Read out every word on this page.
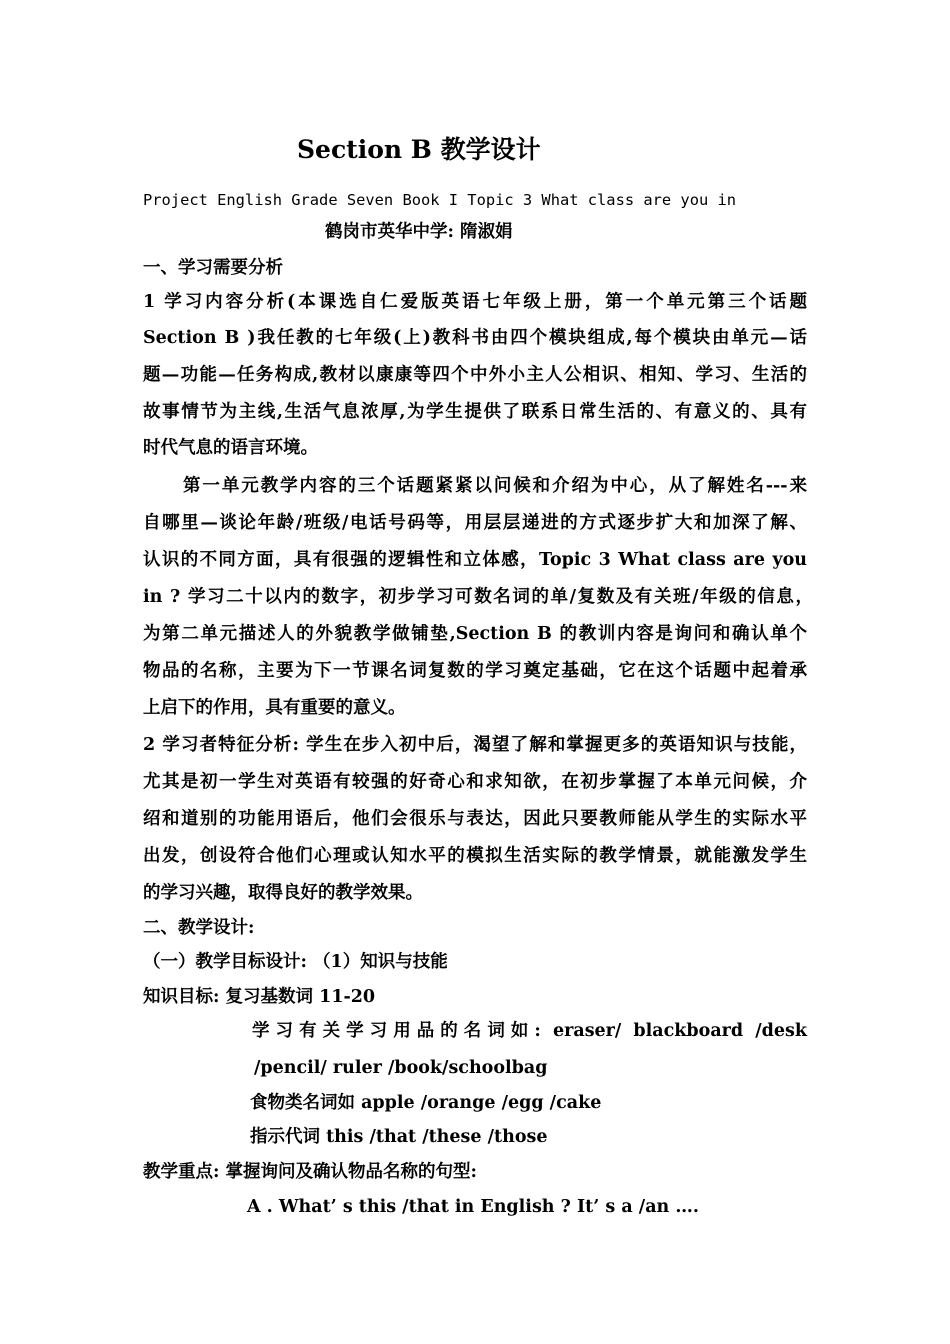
Section B 教学设计
Project English Grade Seven Book I Topic 3 What class are you in
鹤岗市英华中学: 隋淑娟
一、学习需要分析
1 学习内容分析(本课选自仁爱版英语七年级上册，第一个单元第三个话题
Section B )我任教的七年级(上)教科书由四个模块组成,每个模块由单元—话
题—功能—任务构成,教材以康康等四个中外小主人公相识、相知、学习、生活的
故事情节为主线,生活气息浓厚,为学生提供了联系日常生活的、有意义的、具有
时代气息的语言环境。
第一单元教学内容的三个话题紧紧以问候和介绍为中心，从了解姓名---来
自哪里—谈论年龄/班级/电话号码等，用层层递进的方式逐步扩大和加深了解、
认识的不同方面，具有很强的逻辑性和立体感，Topic 3 What class are you
in ? 学习二十以内的数字，初步学习可数名词的单/复数及有关班/年级的信息，
为第二单元描述人的外貌教学做铺垫,Section B 的教训内容是询问和确认单个
物品的名称，主要为下一节课名词复数的学习奠定基础，它在这个话题中起着承
上启下的作用，具有重要的意义。
2 学习者特征分析: 学生在步入初中后，渴望了解和掌握更多的英语知识与技能，
尤其是初一学生对英语有较强的好奇心和求知欲，在初步掌握了本单元问候，介
绍和道别的功能用语后，他们会很乐与表达，因此只要教师能从学生的实际水平
出发，创设符合他们心理或认知水平的模拟生活实际的教学情景，就能激发学生
的学习兴趣，取得良好的教学效果。
二、教学设计:
（一）教学目标设计: （1）知识与技能
知识目标: 复习基数词 11-20
学习有关学习用品的名词如: eraser/ blackboard /desk
/pencil/ ruler /book/schoolbag
食物类名词如 apple /orange /egg /cake
指示代词 this /that /these /those
教学重点: 掌握询问及确认物品名称的句型:
A . What’ s this /that in English ? It’ s a /an ….
